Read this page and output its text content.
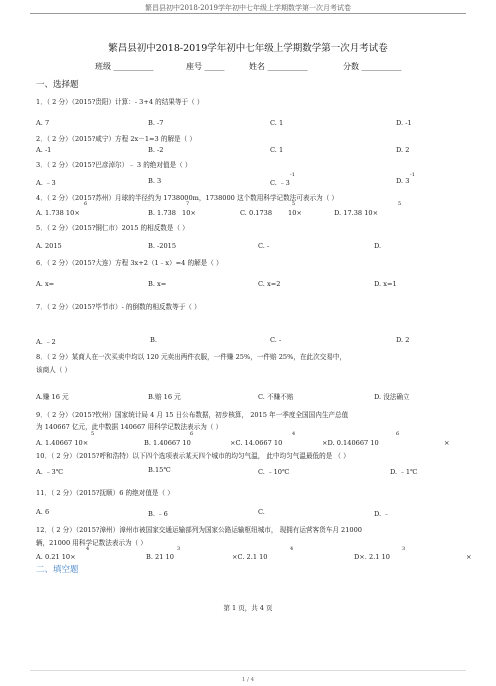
繁昌县初中2018-2019学年初中七年级上学期数学第一次月考试卷
繁昌县初中2018-2019学年初中七年级上学期数学第一次月考试卷
班级 __________	座号 _____	姓名 __________	分数 __________
一、选择题
1．（ 2 分）（2015?贵阳）计算：- 3+4 的结果等于（ ）
A. 7	B. -7	C. 1	D. -1
2．（ 2 分）（2015?咸宁）方程 2x－1=3 的解是（ ）
A. -1	B. -2	C. 1	D. 2
3．（ 2 分）（2015?巴彦淖尔）﹣ 3 的绝对值是（ ）
A. ﹣3	B. 3	C. ﹣3
-1
D. 3
-1
4．（ 2 分）（2015?苏州）月球的半径约为 1738000m，1738000 这个数用科学记数法可表示为（ ）
6	7	5	5
A. 1.738 10×	B. 1.738 10×	C. 0.1738 10×	D. 17.38 10×
5．（ 2 分）（2015?铜仁市）2015 的相反数是（ ）
A. 2015	B. -2015	C. -	D.
6．（ 2 分）（2015?大连）方程 3x+2（1﹣x）=4 的解是（ ）
A. x=	B. x=	C. x=2	D. x=1
7．（ 2 分）（2015?毕节市）- 的倒数的相反数等于（ ）
A. ﹣2	B.	C. -	D. 2
8．（ 2 分）某商人在一次买卖中均以 120 元卖出两件衣服，一件赚 25%，一件赔 25%，在此次交易中，
该商人（ ）
A.赚 16 元	B.赔 16 元	C. 不赚不赔	D. 没法确立
9．（ 2 分）（2015?钦州）国家统计局 4 月 15 日公布数据，初步核算， 2015 年一季度全国国内生产总值
为 140667 亿元，此中数据 140667 用科学记数法表示为（ ）
5	6	4	6
A. 1.40667 10×	B. 1.40667 10	×C. 14.0667 10	×D. 0.140667 10	×
10．（ 2 分）（2015?呼和浩特）以下四个选项表示某天四个城市的均匀气温， 此中均匀气温最低的是 （ ）
A. ﹣3℃	B.15℃	C. ﹣10℃	D. ﹣1℃
11．（ 2 分）（2015?抚顺）6 的绝对值是（ ）
A. 6	B. ﹣6	C.	D. ﹣
12．（ 2 分）（2015?漳州）漳州市被国家交通运输部列为国家公路运输枢纽城市， 现拥有运营客货车月 21000
辆，21000 用科学记数法表示为（ ）
4	3	4	3
A. 0.21 10×	B. 21 10	×C. 2.1 10	D×. 2.1 10	×
二、填空题
第 1 页，共 4 页
1 / 4
